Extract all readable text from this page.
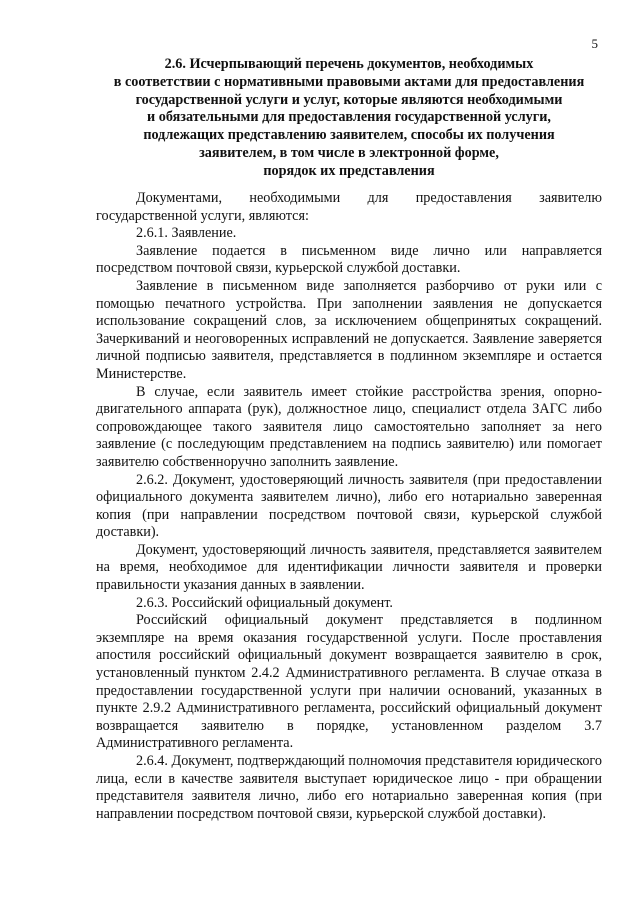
5
2.6. Исчерпывающий перечень документов, необходимых
в соответствии с нормативными правовыми актами для предоставления
государственной услуги и услуг, которые являются необходимыми
и обязательными для предоставления государственной услуги,
подлежащих представлению заявителем, способы их получения
заявителем, в том числе в электронной форме,
порядок их представления

Документами, необходимыми для предоставления заявителю государственной услуги, являются:

2.6.1. Заявление.

Заявление подается в письменном виде лично или направляется посредством почтовой связи, курьерской службой доставки.

Заявление в письменном виде заполняется разборчиво от руки или с помощью печатного устройства. При заполнении заявления не допускается использование сокращений слов, за исключением общепринятых сокращений. Зачеркиваний и неоговоренных исправлений не допускается. Заявление заверяется личной подписью заявителя, представляется в подлинном экземпляре и остается Министерстве.

В случае, если заявитель имеет стойкие расстройства зрения, опорно-двигательного аппарата (рук), должностное лицо, специалист отдела ЗАГС либо сопровождающее такого заявителя лицо самостоятельно заполняет за него заявление (с последующим представлением на подпись заявителю) или помогает заявителю собственноручно заполнить заявление.

2.6.2. Документ, удостоверяющий личность заявителя (при предоставлении официального документа заявителем лично), либо его нотариально заверенная копия (при направлении посредством почтовой связи, курьерской службой доставки).

Документ, удостоверяющий личность заявителя, представляется заявителем на время, необходимое для идентификации личности заявителя и проверки правильности указания данных в заявлении.

2.6.3. Российский официальный документ.

Российский официальный документ представляется в подлинном экземпляре на время оказания государственной услуги. После проставления апостиля российский официальный документ возвращается заявителю в срок, установленный пунктом 2.4.2 Административного регламента. В случае отказа в предоставлении государственной услуги при наличии оснований, указанных в пункте 2.9.2 Административного регламента, российский официальный документ возвращается заявителю в порядке, установленном разделом 3.7 Административного регламента.

2.6.4. Документ, подтверждающий полномочия представителя юридического лица, если в качестве заявителя выступает юридическое лицо - при обращении представителя заявителя лично, либо его нотариально заверенная копия (при направлении посредством почтовой связи, курьерской службой доставки).
